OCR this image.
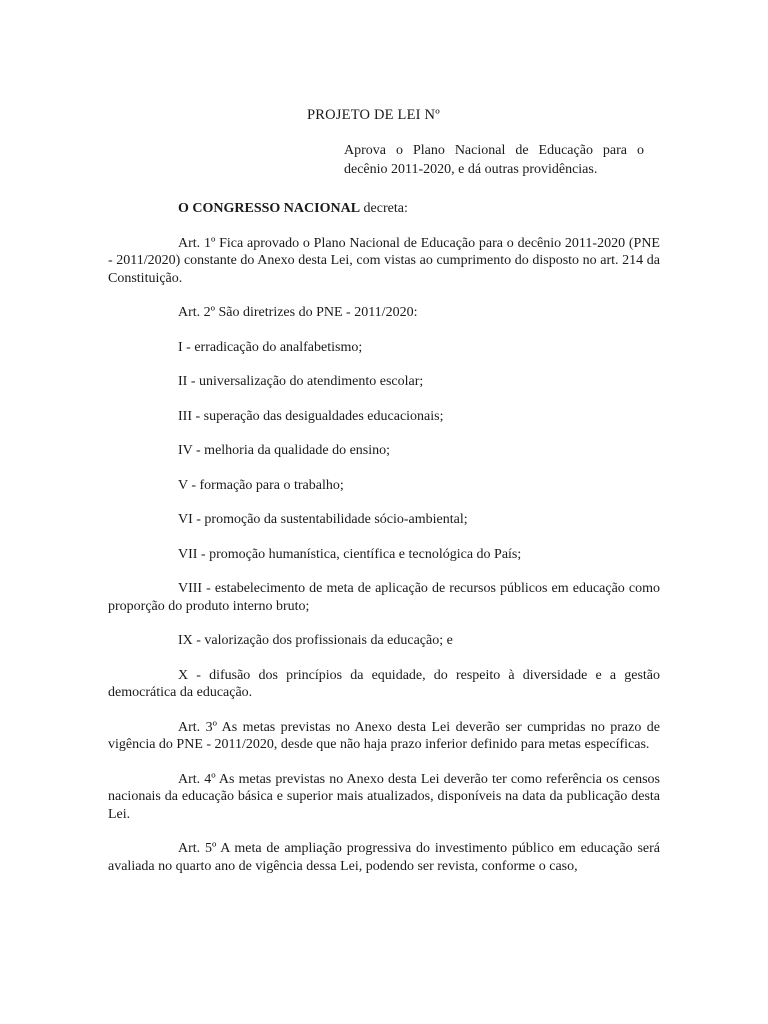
PROJETO DE LEI Nº
Aprova o Plano Nacional de Educação para o decênio 2011-2020, e dá outras providências.

O CONGRESSO NACIONAL decreta:

Art. 1º Fica aprovado o Plano Nacional de Educação para o decênio 2011-2020 (PNE - 2011/2020) constante do Anexo desta Lei, com vistas ao cumprimento do disposto no art. 214 da Constituição.

Art. 2º São diretrizes do PNE - 2011/2020:

I - erradicação do analfabetismo;

II - universalização do atendimento escolar;

III - superação das desigualdades educacionais;

IV - melhoria da qualidade do ensino;

V - formação para o trabalho;

VI - promoção da sustentabilidade sócio-ambiental;

VII - promoção humanística, científica e tecnológica do País;

VIII - estabelecimento de meta de aplicação de recursos públicos em educação como proporção do produto interno bruto;

IX - valorização dos profissionais da educação; e

X - difusão dos princípios da equidade, do respeito à diversidade e a gestão democrática da educação.

Art. 3º As metas previstas no Anexo desta Lei deverão ser cumpridas no prazo de vigência do PNE - 2011/2020, desde que não haja prazo inferior definido para metas específicas.

Art. 4º As metas previstas no Anexo desta Lei deverão ter como referência os censos nacionais da educação básica e superior mais atualizados, disponíveis na data da publicação desta Lei.

Art. 5º A meta de ampliação progressiva do investimento público em educação será avaliada no quarto ano de vigência dessa Lei, podendo ser revista, conforme o caso,
